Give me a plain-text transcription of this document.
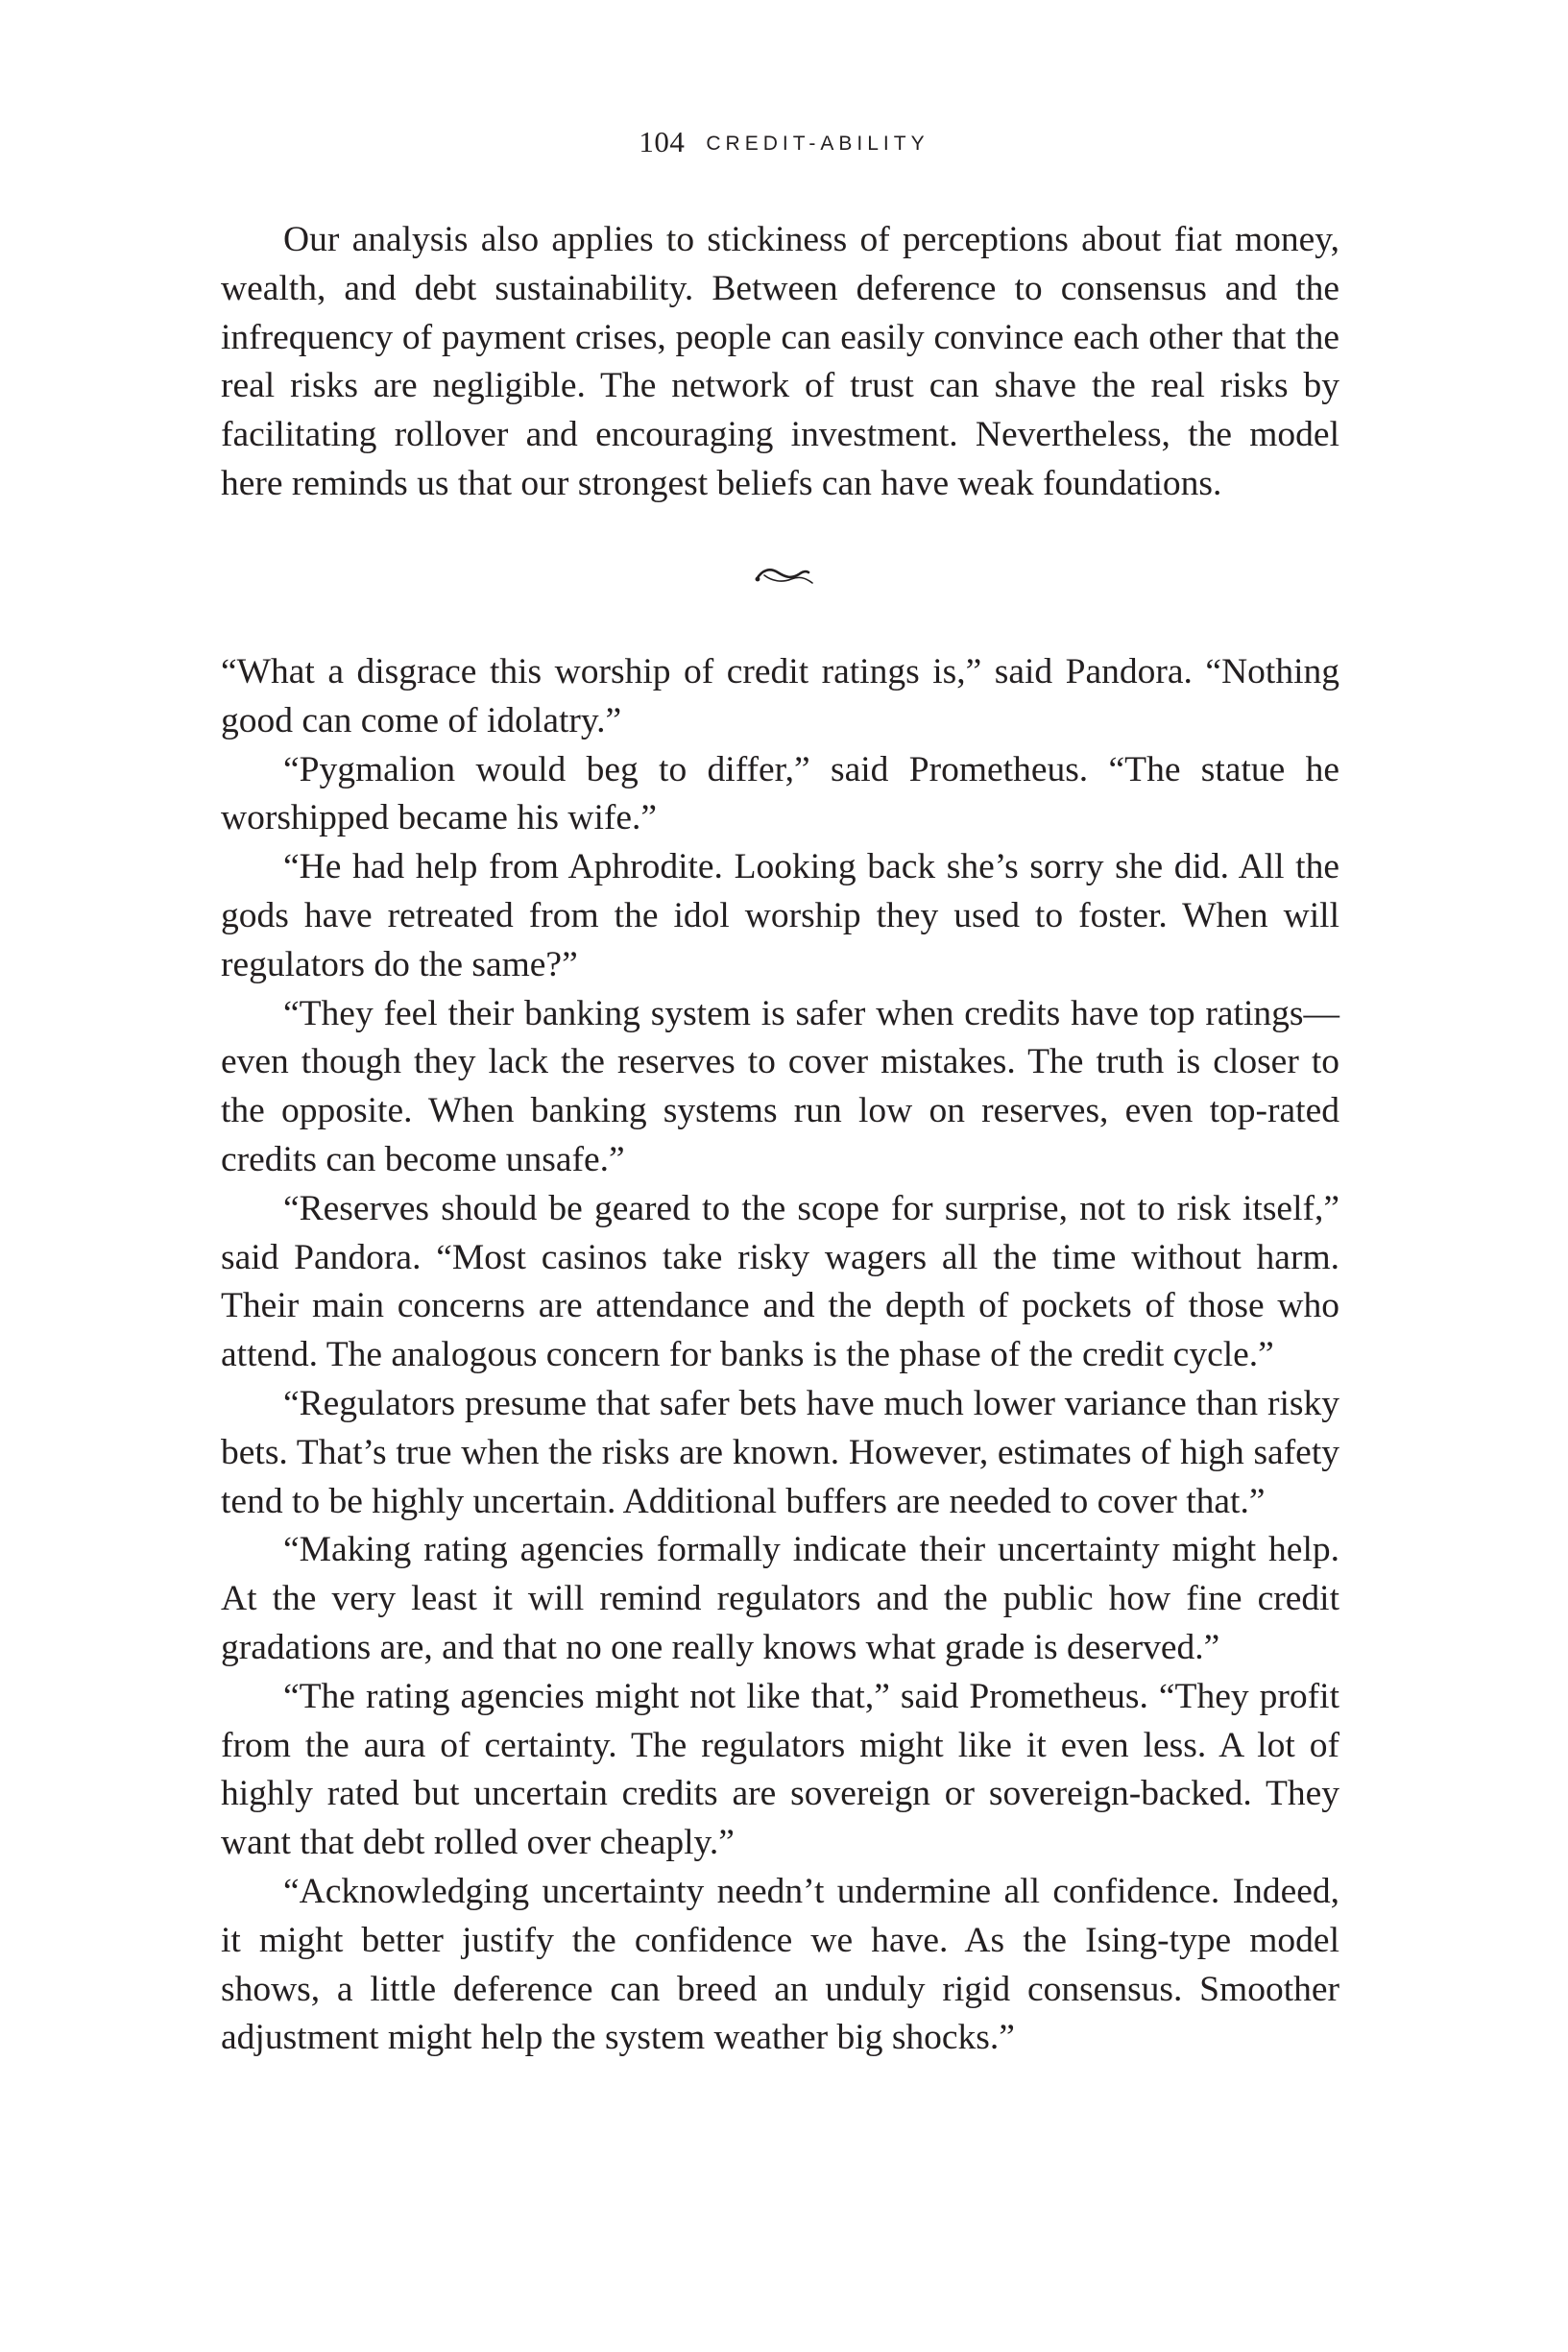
104 CREDIT-ABILITY

Our analysis also applies to stickiness of perceptions about fiat money, wealth, and debt sustainability. Between deference to consensus and the infrequency of payment crises, people can easily convince each other that the real risks are negligible. The network of trust can shave the real risks by facilitating rollover and encouraging investment. Nevertheless, the model here reminds us that our strongest beliefs can have weak foundations.

“What a disgrace this worship of credit ratings is,” said Pandora. “Nothing good can come of idolatry.”

“Pygmalion would beg to differ,” said Prometheus. “The statue he worshipped became his wife.”

“He had help from Aphrodite. Looking back she’s sorry she did. All the gods have retreated from the idol worship they used to foster. When will regulators do the same?”

“They feel their banking system is safer when credits have top ratings—even though they lack the reserves to cover mistakes. The truth is closer to the opposite. When banking systems run low on reserves, even top-rated credits can become unsafe.”

“Reserves should be geared to the scope for surprise, not to risk itself,” said Pandora. “Most casinos take risky wagers all the time without harm. Their main concerns are attendance and the depth of pockets of those who attend. The analogous concern for banks is the phase of the credit cycle.”

“Regulators presume that safer bets have much lower variance than risky bets. That’s true when the risks are known. However, estimates of high safety tend to be highly uncertain. Additional buffers are needed to cover that.”

“Making rating agencies formally indicate their uncertainty might help. At the very least it will remind regulators and the public how fine credit gradations are, and that no one really knows what grade is deserved.”

“The rating agencies might not like that,” said Prometheus. “They profit from the aura of certainty. The regulators might like it even less. A lot of highly rated but uncertain credits are sovereign or sovereign-backed. They want that debt rolled over cheaply.”

“Acknowledging uncertainty needn’t undermine all confidence. Indeed, it might better justify the confidence we have. As the Ising-type model shows, a little deference can breed an unduly rigid consensus. Smoother adjustment might help the system weather big shocks.”
